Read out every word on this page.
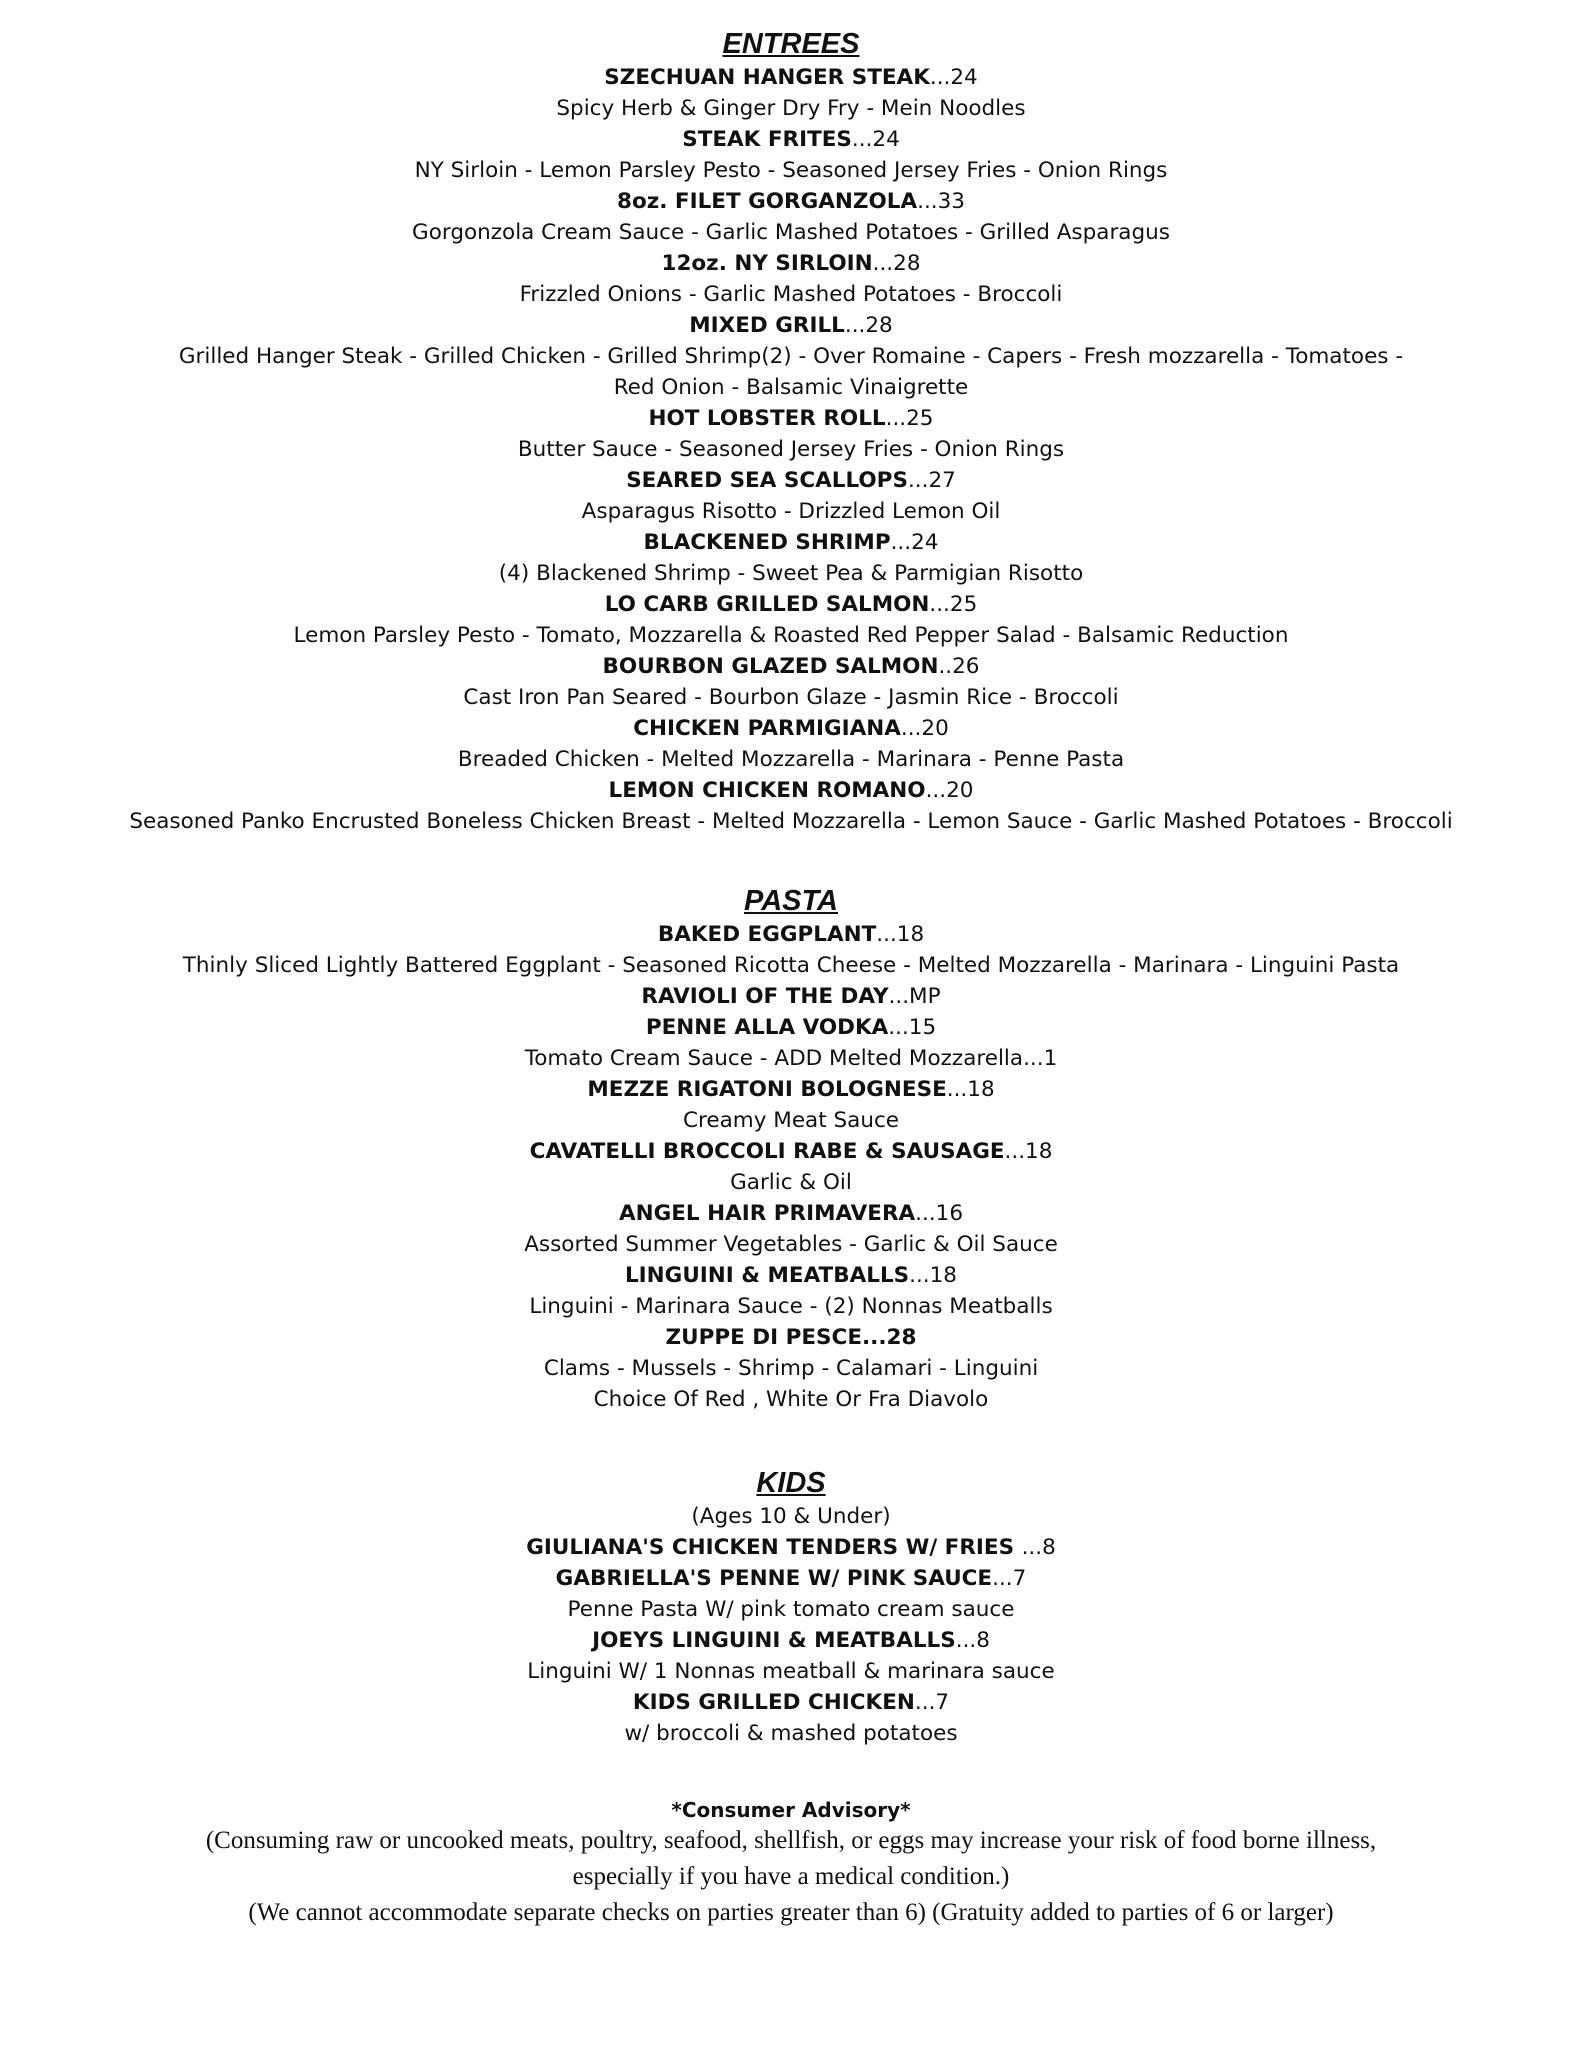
ENTREES
SZECHUAN HANGER STEAK...24
Spicy Herb & Ginger Dry Fry - Mein Noodles
STEAK FRITES...24
NY Sirloin - Lemon Parsley Pesto - Seasoned Jersey Fries - Onion Rings
8oz. FILET GORGANZOLA...33
Gorgonzola Cream Sauce - Garlic Mashed Potatoes - Grilled Asparagus
12oz. NY SIRLOIN...28
Frizzled Onions - Garlic Mashed Potatoes - Broccoli
MIXED GRILL...28
Grilled Hanger Steak - Grilled Chicken - Grilled Shrimp(2) - Over Romaine - Capers - Fresh mozzarella - Tomatoes -
Red Onion - Balsamic Vinaigrette
HOT LOBSTER ROLL...25
Butter Sauce - Seasoned Jersey Fries - Onion Rings
SEARED SEA SCALLOPS...27
Asparagus Risotto - Drizzled Lemon Oil
BLACKENED SHRIMP...24
(4) Blackened Shrimp - Sweet Pea & Parmigian Risotto
LO CARB GRILLED SALMON...25
Lemon Parsley Pesto - Tomato, Mozzarella & Roasted Red Pepper Salad - Balsamic Reduction
BOURBON GLAZED SALMON..26
Cast Iron Pan Seared - Bourbon Glaze - Jasmin Rice - Broccoli
CHICKEN PARMIGIANA...20
Breaded Chicken - Melted Mozzarella - Marinara - Penne Pasta
LEMON CHICKEN ROMANO...20
Seasoned Panko Encrusted Boneless Chicken Breast - Melted Mozzarella - Lemon Sauce - Garlic Mashed Potatoes - Broccoli
PASTA
BAKED EGGPLANT...18
Thinly Sliced Lightly Battered Eggplant - Seasoned Ricotta Cheese - Melted Mozzarella - Marinara - Linguini Pasta
RAVIOLI OF THE DAY...MP
PENNE ALLA VODKA...15
Tomato Cream Sauce - ADD Melted Mozzarella...1
MEZZE RIGATONI BOLOGNESE...18
Creamy Meat Sauce
CAVATELLI BROCCOLI RABE & SAUSAGE...18
Garlic & Oil
ANGEL HAIR PRIMAVERA...16
Assorted Summer Vegetables - Garlic & Oil Sauce
LINGUINI & MEATBALLS...18
Linguini - Marinara Sauce - (2) Nonnas Meatballs
ZUPPE DI PESCE...28
Clams - Mussels - Shrimp - Calamari - Linguini
Choice Of Red , White Or Fra Diavolo
KIDS
(Ages 10 & Under)
GIULIANA'S CHICKEN TENDERS W/ FRIES ...8
GABRIELLA'S PENNE W/ PINK SAUCE...7
Penne Pasta W/ pink tomato cream sauce
JOEYS LINGUINI & MEATBALLS...8
Linguini W/ 1 Nonnas meatball & marinara sauce
KIDS GRILLED CHICKEN...7
w/ broccoli & mashed potatoes
*Consumer Advisory*
(Consuming raw or uncooked meats, poultry, seafood, shellfish, or eggs may increase your risk of food borne illness,
especially if you have a medical condition.)
(We cannot accommodate separate checks on parties greater than 6) (Gratuity added to parties of 6 or larger)
